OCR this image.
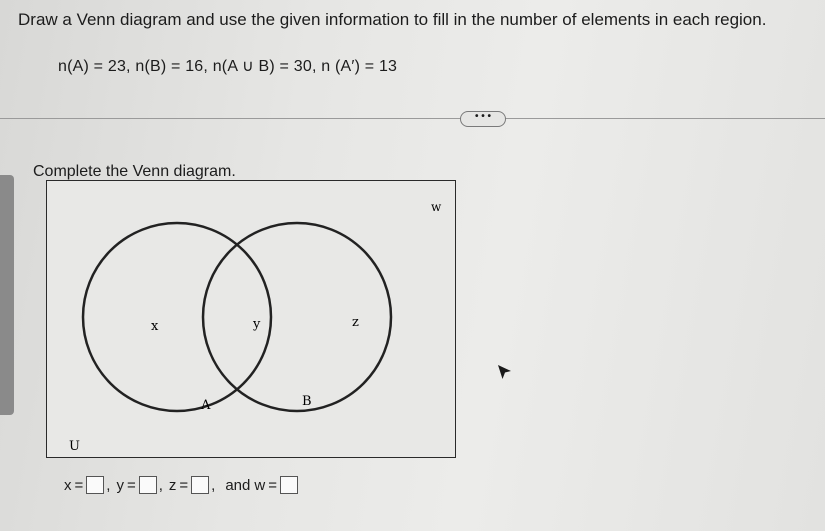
Draw a Venn diagram and use the given information to fill in the number of elements in each region.
n(A) = 23, n(B) = 16, n(A ∪ B) = 30, n (A′) = 13
• • •
Complete the Venn diagram.
w
x	y	z
A	B
U
x = , y = , z = , and w =
